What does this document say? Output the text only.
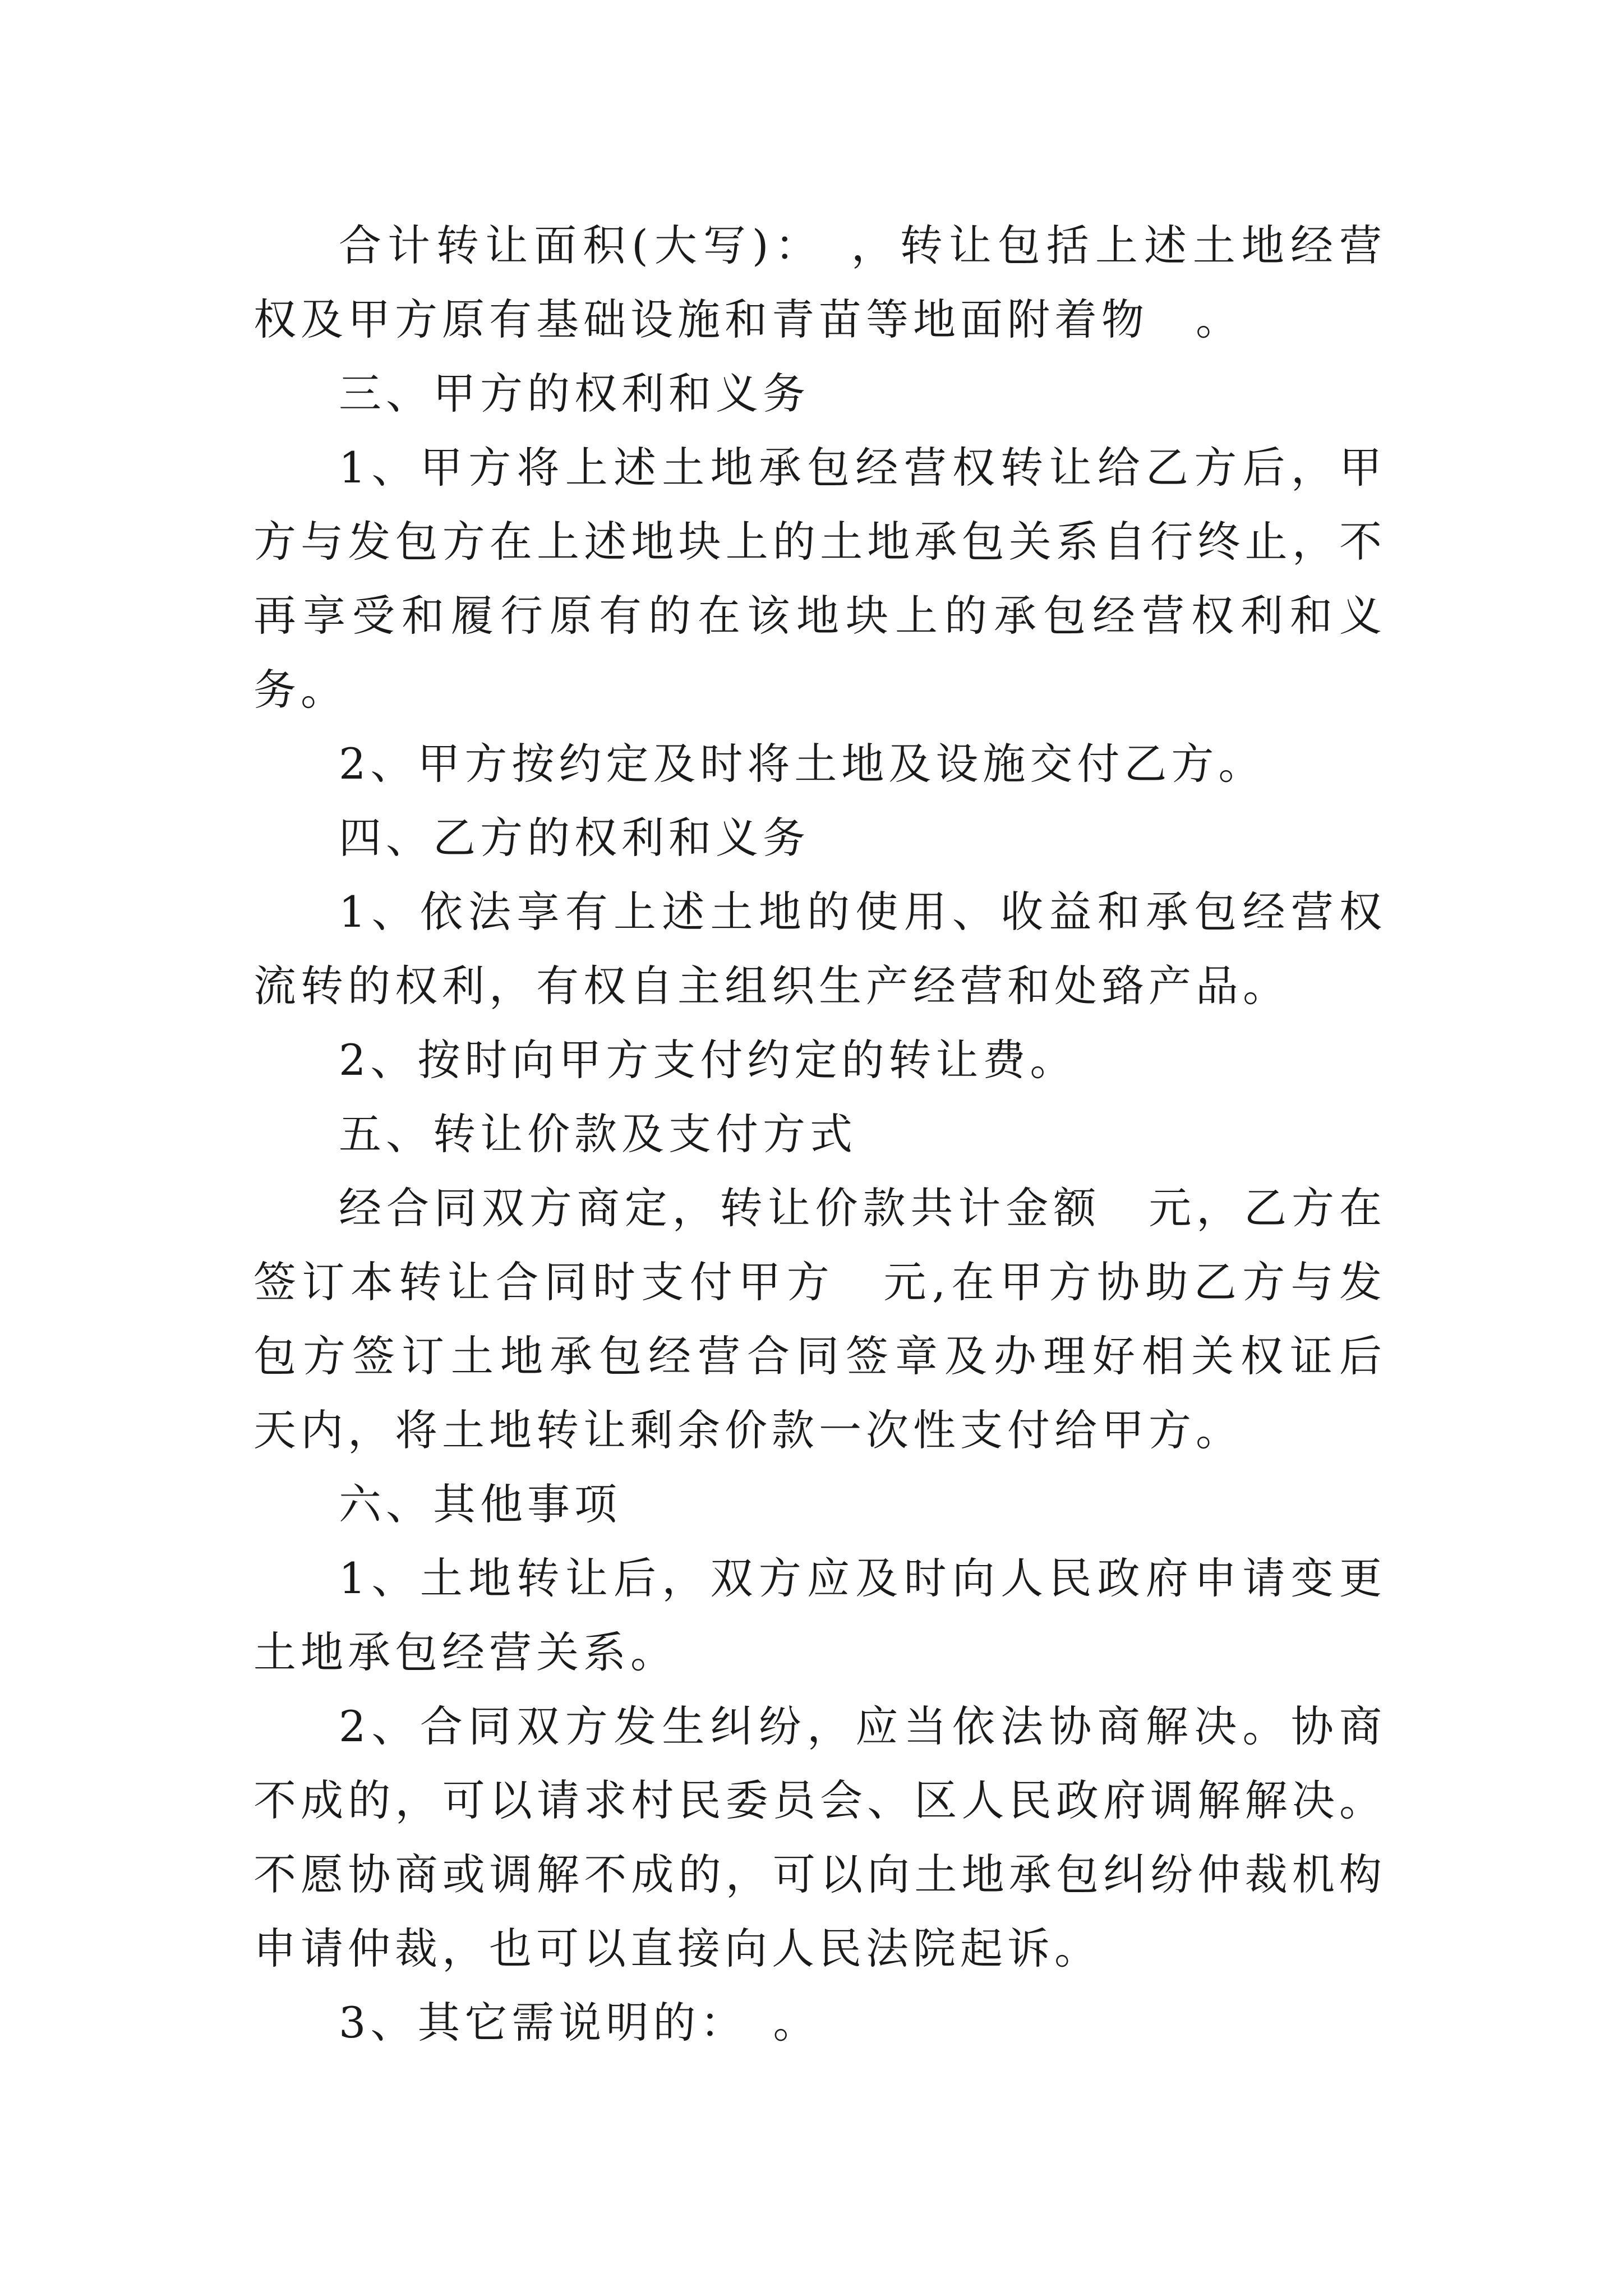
合计转让面积(大写)：　，转让包括上述土地经营权及甲方原有基础设施和青苗等地面附着物　。

三、甲方的权利和义务

1、甲方将上述土地承包经营权转让给乙方后，甲方与发包方在上述地块上的土地承包关系自行终止，不再享受和履行原有的在该地块上的承包经营权利和义务。

2、甲方按约定及时将土地及设施交付乙方。

四、乙方的权利和义务

1、依法享有上述土地的使用、收益和承包经营权流转的权利，有权自主组织生产经营和处臵产品。

2、按时向甲方支付约定的转让费。

五、转让价款及支付方式

经合同双方商定，转让价款共计金额　元，乙方在签订本转让合同时支付甲方　元,在甲方协助乙方与发包方签订土地承包经营合同签章及办理好相关权证后　天内，将土地转让剩余价款一次性支付给甲方。

六、其他事项

1、土地转让后，双方应及时向人民政府申请变更土地承包经营关系。

2、合同双方发生纠纷，应当依法协商解决。协商不成的，可以请求村民委员会、区人民政府调解解决。不愿协商或调解不成的，可以向土地承包纠纷仲裁机构申请仲裁，也可以直接向人民法院起诉。

3、其它需说明的：　。
